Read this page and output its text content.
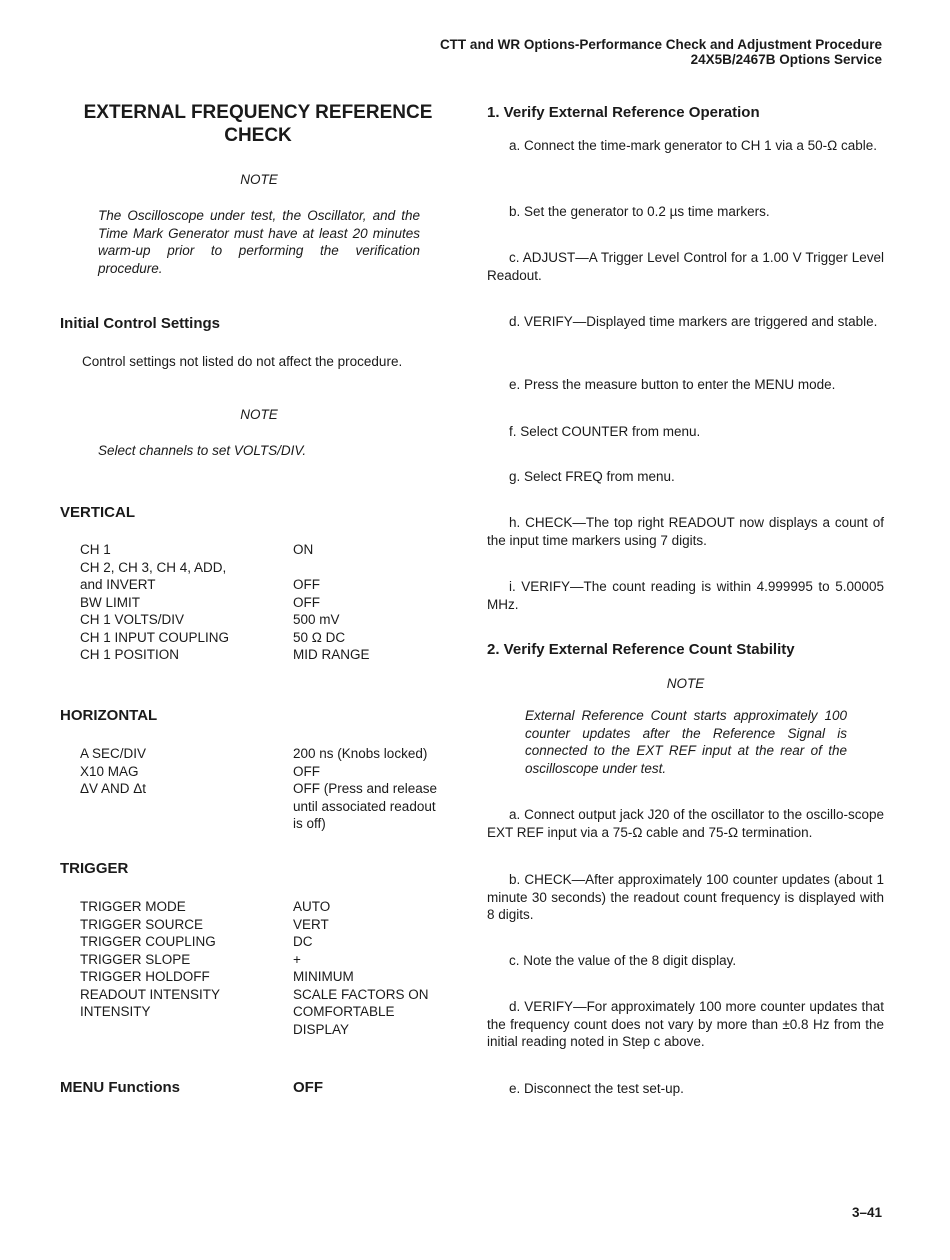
CTT and WR Options-Performance Check and Adjustment Procedure
24X5B/2467B Options Service
EXTERNAL FREQUENCY REFERENCE
CHECK
NOTE
The Oscilloscope under test, the Oscillator, and the Time Mark Generator must have at least 20 minutes warm-up prior to performing the verification procedure.
Initial Control Settings
Control settings not listed do not affect the procedure.
NOTE
Select channels to set VOLTS/DIV.
VERTICAL
CH 1
CH 2, CH 3, CH 4, ADD,
and INVERT
BW LIMIT
CH 1 VOLTS/DIV
CH 1 INPUT COUPLING
CH 1 POSITION
ON

OFF
OFF
500 mV
50 Ω DC
MID RANGE
HORIZONTAL
A SEC/DIV
X10 MAG
ΔV AND Δt
200 ns (Knobs locked)
OFF
OFF (Press and release
until associated readout
is off)
TRIGGER
TRIGGER MODE
TRIGGER SOURCE
TRIGGER COUPLING
TRIGGER SLOPE
TRIGGER HOLDOFF
READOUT INTENSITY
INTENSITY
AUTO
VERT
DC
+
MINIMUM
SCALE FACTORS ON
COMFORTABLE
DISPLAY
MENU Functions	OFF
1. Verify External Reference Operation
a. Connect the time-mark generator to CH 1 via a 50-Ω cable.
b. Set the generator to 0.2 µs time markers.
c. ADJUST—A Trigger Level Control for a 1.00 V Trigger Level Readout.
d. VERIFY—Displayed time markers are triggered and stable.
e. Press the measure button to enter the MENU mode.
f. Select COUNTER from menu.
g. Select FREQ from menu.
h. CHECK—The top right READOUT now displays a count of the input time markers using 7 digits.
i. VERIFY—The count reading is within 4.999995 to 5.00005 MHz.
2. Verify External Reference Count Stability
NOTE
External Reference Count starts approximately 100 counter updates after the Reference Signal is connected to the EXT REF input at the rear of the oscilloscope under test.
a. Connect output jack J20 of the oscillator to the oscillo-scope EXT REF input via a 75-Ω cable and 75-Ω termination.
b. CHECK—After approximately 100 counter updates (about 1 minute 30 seconds) the readout count frequency is displayed with 8 digits.
c. Note the value of the 8 digit display.
d. VERIFY—For approximately 100 more counter updates that the frequency count does not vary by more than ±0.8 Hz from the initial reading noted in Step c above.
e. Disconnect the test set-up.
3–41
